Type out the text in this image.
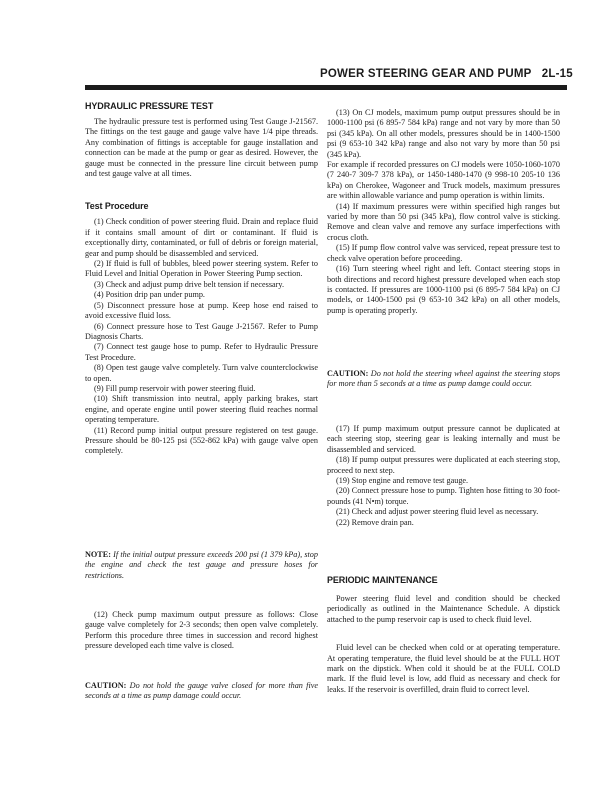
POWER STEERING GEAR AND PUMP 2L-15
HYDRAULIC PRESSURE TEST

The hydraulic pressure test is performed using Test Gauge J-21567. The fittings on the test gauge and gauge valve have 1/4 pipe threads. Any combination of fittings is acceptable for gauge installation and connection can be made at the pump or gear as desired. However, the gauge must be connected in the pressure line circuit between pump and test gauge valve at all times.

Test Procedure

(1) Check condition of power steering fluid. Drain and replace fluid if it contains small amount of dirt or contaminant. If fluid is exceptionally dirty, contaminated, or full of debris or foreign material, gear and pump should be disassembled and serviced.

(2) If fluid is full of bubbles, bleed power steering system. Refer to Fluid Level and Initial Operation in Power Steering Pump section.

(3) Check and adjust pump drive belt tension if necessary.

(4) Position drip pan under pump.

(5) Disconnect pressure hose at pump. Keep hose end raised to avoid excessive fluid loss.

(6) Connect pressure hose to Test Gauge J-21567. Refer to Pump Diagnosis Charts.

(7) Connect test gauge hose to pump. Refer to Hydraulic Pressure Test Procedure.

(8) Open test gauge valve completely. Turn valve counterclockwise to open.

(9) Fill pump reservoir with power steering fluid.

(10) Shift transmission into neutral, apply parking brakes, start engine, and operate engine until power steering fluid reaches normal operating temperature.

(11) Record pump initial output pressure registered on test gauge. Pressure should be 80-125 psi (552-862 kPa) with gauge valve open completely.

NOTE: If the initial output pressure exceeds 200 psi (1 379 kPa), stop the engine and check the test gauge and pressure hoses for restrictions.

(12) Check pump maximum output pressure as follows: Close gauge valve completely for 2-3 seconds; then open valve completely. Perform this procedure three times in succession and record highest pressure developed each time valve is closed.

CAUTION: Do not hold the gauge valve closed for more than five seconds at a time as pump damage could occur.

(13) On CJ models, maximum pump output pressures should be in 1000-1100 psi (6 895-7 584 kPa) range and not vary by more than 50 psi (345 kPa). On all other models, pressures should be in 1400-1500 psi (9 653-10 342 kPa) range and also not vary by more than 50 psi (345 kPa).

For example if recorded pressures on CJ models were 1050-1060-1070 (7 240-7 309-7 378 kPa), or 1450-1480-1470 (9 998-10 205-10 136 kPa) on Cherokee, Wagoneer and Truck models, maximum pressures are within allowable variance and pump operation is within limits.

(14) If maximum pressures were within specified high ranges but varied by more than 50 psi (345 kPa), flow control valve is sticking. Remove and clean valve and remove any surface imperfections with crocus cloth.

(15) If pump flow control valve was serviced, repeat pressure test to check valve operation before proceeding.

(16) Turn steering wheel right and left. Contact steering stops in both directions and record highest pressure developed when each stop is contacted. If pressures are 1000-1100 psi (6 895-7 584 kPa) on CJ models, or 1400-1500 psi (9 653-10 342 kPa) on all other models, pump is operating properly.

CAUTION: Do not hold the steering wheel against the steering stops for more than 5 seconds at a time as pump damge could occur.

(17) If pump maximum output pressure cannot be duplicated at each steering stop, steering gear is leaking internally and must be disassembled and serviced.

(18) If pump output pressures were duplicated at each steering stop, proceed to next step.

(19) Stop engine and remove test gauge.

(20) Connect pressure hose to pump. Tighten hose fitting to 30 foot-pounds (41 N•m) torque.

(21) Check and adjust power steering fluid level as necessary.

(22) Remove drain pan.

PERIODIC MAINTENANCE

Power steering fluid level and condition should be checked periodically as outlined in the Maintenance Schedule. A dipstick attached to the pump reservoir cap is used to check fluid level.

Fluid level can be checked when cold or at operating temperature. At operating temperature, the fluid level should be at the FULL HOT mark on the dipstick. When cold it should be at the FULL COLD mark. If the fluid level is low, add fluid as necessary and check for leaks. If the reservoir is overfilled, drain fluid to correct level.
